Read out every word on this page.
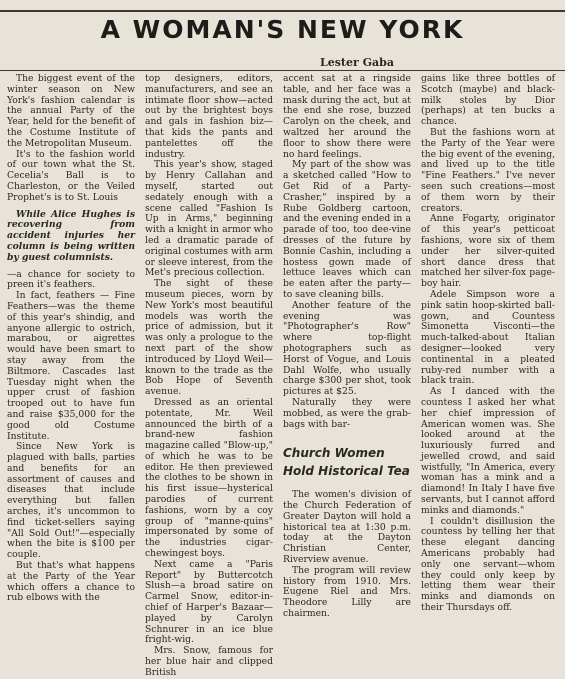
A WOMAN'S NEW YORK
Lester Gaba

The biggest event of the winter season on New York's fashion calendar is the annual Party of the Year, held for the benefit of the Costume Institute of the Metropolitan Museum.

It's to the fashion world of our town what the St. Cecelia's Ball is to Charleston, or the Veiled Prophet's is to St. Louis

While Alice Hughes is recovering from accident injuries her column is being written by guest columnists.

—a chance for society to preen it's feathers.

In fact, feathers — Fine Feathers—was the theme of this year's shindig, and anyone allergic to ostrich, marabou, or aigrettes would have been smart to stay away from the Biltmore. Cascades last Tuesday night when the upper crust of fashion trooped out to have fun and raise $35,000 for the good old Costume Institute.

Since New York is plagued with balls, parties and benefits for an assortment of causes and diseases that include everything but fallen arches, it's uncommon to find ticket-sellers saying "All Sold Out!"—especially when the bite is $100 per couple.

But that's what happens at the Party of the Year which offers a chance to rub elbows with the

top designers, editors, manufacturers, and see an intimate floor show—acted out by the brightest boys and gals in fashion biz—that kids the pants and pantelettes off the industry.

This year's show, staged by Henry Callahan and myself, started out sedately enough with a scene called "Fashion Is Up in Arms," beginning with a knight in armor who led a dramatic parade of original costumes with arm or sleeve interest, from the Met's precious collection.

The sight of these museum pieces, worn by New York's most beautiful models was worth the price of admission, but it was only a prologue to the next part of the show introduced by Lloyd Weil—known to the trade as the Bob Hope of Seventh avenue.

Dressed as an oriental potentate, Mr. Weil announced the birth of a brand-new fashion magazine called "Blow-up," of which he was to be editor. He then previewed the clothes to be shown in his first issue—hysterical parodies of current fashions, worn by a coy group of "manne-quins" impersonated by some of the industries cigar-chewingest boys.

Next came a "Paris Report" by Buttercotch Slush—a broad satire on Carmel Snow, editor-in-chief of Harper's Bazaar—played by Carolyn Schnurer in an ice blue fright-wig.

Mrs. Snow, famous for her blue hair and clipped British

accent sat at a ringside table, and her face was a mask during the act, but at the end she rose, buzzed Carolyn on the cheek, and waltzed her around the floor to show there were no hard feelings.

My part of the show was a sketched called "How to Get Rid of a Party-Crasher," inspired by a Rube Goldberg cartoon, and the evening ended in a parade of too, too dee-vine dresses of the future by Bonnie Cashin, including a hostess gown made of lettuce leaves which can be eaten after the party—to save cleaning bills.

Another feature of the evening was "Photographer's Row" where top-flight photographers such as Horst of Vogue, and Louis Dahl Wolfe, who usually charge $300 per shot, took pictures at $25.

Naturally they were mobbed, as were the grab-bags with bar-

Church Women Hold Historical Tea

The women's division of the Church Federation of Greater Dayton will hold a historical tea at 1:30 p.m. today at the Dayton Christian Center, Riverview avenue.

The program will review history from 1910. Mrs. Eugene Riel and Mrs. Theodore Lilly are chairmen.

gains like three bottles of Scotch (maybe) and black-milk stoles by Dior (perhaps) at ten bucks a chance.

But the fashions worn at the Party of the Year were the big event of the evening, and lived up to the title "Fine Feathers." I've never seen such creations—most of them worn by their creators.

Anne Fogarty, originator of this year's petticoat fashions, wore six of them under her silver-quited short dance dress that matched her silver-fox page-boy hair.

Adele Simpson wore a pink satin hoop-skirted ball-gown, and Countess Simonetta Visconti—the much-talked-about Italian designer—looked very continental in a pleated ruby-red number with a black train.

As I danced with the countess I asked her what her chief impression of American women was. She looked around at the luxuriously furred and jewelled crowd, and said wistfully, "In America, every woman has a mink and a diamond! In Italy I have five servants, but I cannot afford minks and diamonds."

I couldn't disillusion the countess by telling her that these elegant dancing Americans probably had only one servant—whom they could only keep by letting them wear their minks and diamonds on their Thursdays off.
